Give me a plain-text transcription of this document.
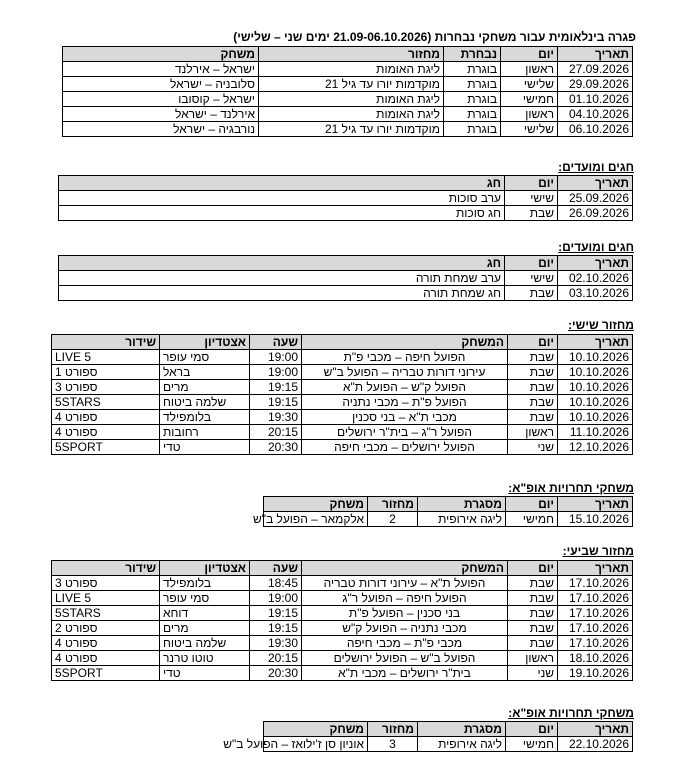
פגרה בינלאומית עבור משחקי נבחרות (21.09-06.10.2026 ימים שני – שלישי)
תאריך	יום	נבחרת	מחזור	משחק
27.09.2026	ראשון	בוגרת	ליגת האומות	ישראל – אירלנד
29.09.2026	שלישי	בוגרת	מוקדמות יורו עד גיל 21	סלובניה – ישראל
01.10.2026	חמישי	בוגרת	ליגת האומות	ישראל – קוסובו
04.10.2026	ראשון	בוגרת	ליגת האומות	אירלנד – ישראל
06.10.2026	שלישי	בוגרת	מוקדמות יורו עד גיל 21	נורבגיה – ישראל
חגים ומועדים:
תאריך	יום	חג
25.09.2026	שישי	ערב סוכות
26.09.2026	שבת	חג סוכות
חגים ומועדים:
תאריך	יום	חג
02.10.2026	שישי	ערב שמחת תורה
03.10.2026	שבת	חג שמחת תורה
מחזור שישי:
תאריך	יום	המשחק	שעה	אצטדיון	שידור
10.10.2026	שבת	הפועל חיפה – מכבי פ"ת	19:00	סמי עופר	5 LIVE
10.10.2026	שבת	עירוני דורות טבריה – הפועל ב"ש	19:00	בראל	ספורט 1
10.10.2026	שבת	הפועל ק"ש – הפועל ת"א	19:15	מרים	ספורט 3
10.10.2026	שבת	הפועל פ"ת – מכבי נתניה	19:15	שלמה ביטוח	5STARS
10.10.2026	שבת	מכבי ת"א – בני סכנין	19:30	בלומפילד	ספורט 4
11.10.2026	ראשון	הפועל ר"ג – בית"ר ירושלים	20:15	רחובות	ספורט 4
12.10.2026	שני	הפועל ירושלים – מכבי חיפה	20:30	טדי	5SPORT
משחקי תחרויות אופ"א:
תאריך	יום	מסגרת	מחזור	משחק
15.10.2026	חמישי	ליגה אירופית	2	אלקמאר – הפועל ב"ש
מחזור שביעי:
תאריך	יום	המשחק	שעה	אצטדיון	שידור
17.10.2026	שבת	הפועל ת"א – עירוני דורות טבריה	18:45	בלומפילד	ספורט 3
17.10.2026	שבת	הפועל חיפה – הפועל ר"ג	19:00	סמי עופר	5 LIVE
17.10.2026	שבת	בני סכנין – הפועל פ"ת	19:15	דוחא	5STARS
17.10.2026	שבת	מכבי נתניה – הפועל ק"ש	19:15	מרים	ספורט 2
17.10.2026	שבת	מכבי פ"ת – מכבי חיפה	19:30	שלמה ביטוח	ספורט 4
18.10.2026	ראשון	הפועל ב"ש – הפועל ירושלים	20:15	טוטו טרנר	ספורט 4
19.10.2026	שני	בית"ר ירושלים – מכבי ת"א	20:30	טדי	5SPORT
משחקי תחרויות אופ"א:
תאריך	יום	מסגרת	מחזור	משחק
22.10.2026	חמישי	ליגה אירופית	3	אוניון סן ז'ילואז – הפועל ב"ש
